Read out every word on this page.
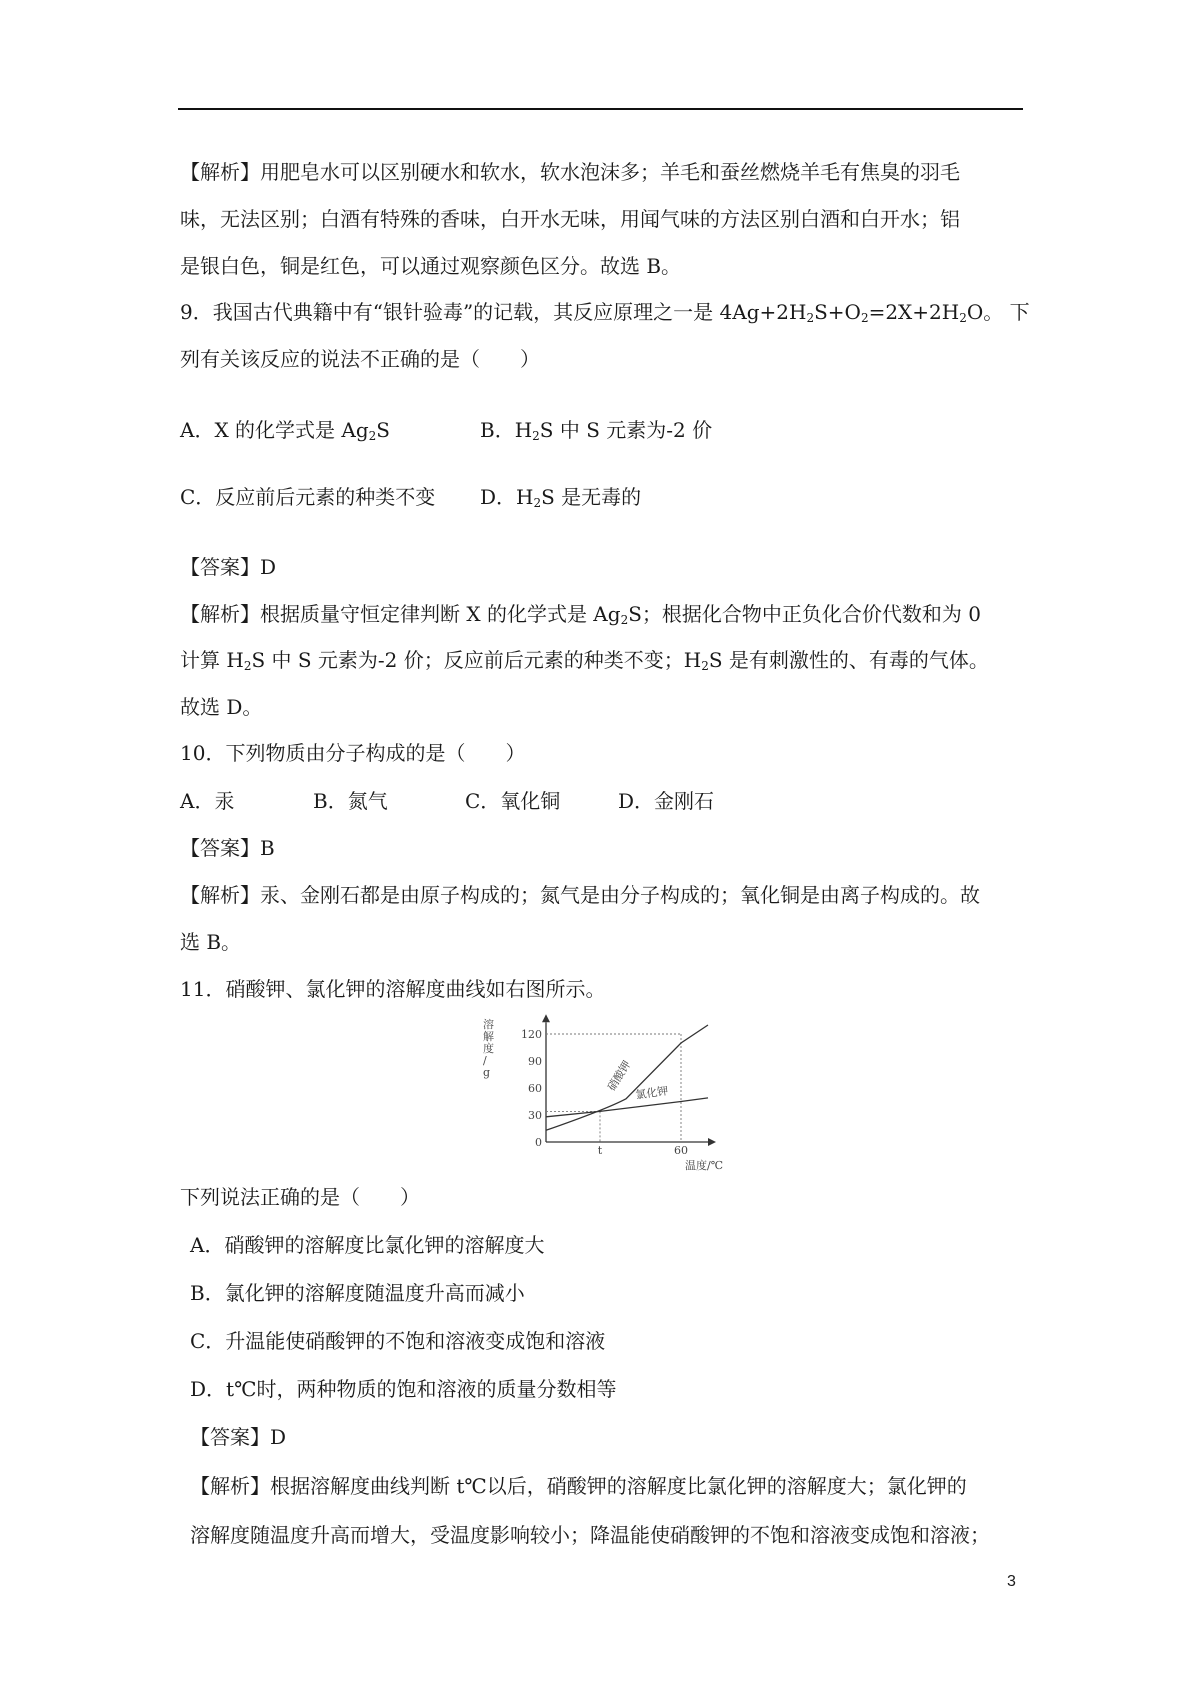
【解析】用肥皂水可以区别硬水和软水，软水泡沫多；羊毛和蚕丝燃烧羊毛有焦臭的羽毛
味，无法区别；白酒有特殊的香味，白开水无味，用闻气味的方法区别白酒和白开水；铝
是银白色，铜是红色，可以通过观察颜色区分。故选 B。
9．我国古代典籍中有“银针验毒”的记载，其反应原理之一是 $4Ag+2H_2S+O_2=2X+2H_2O$。 下
列有关该反应的说法不正确的是（　　）
A．X 的化学式是 $Ag_2S$	B．$H_2S$ 中 S 元素为-2 价
C．反应前后元素的种类不变 D．$H_2S$ 是无毒的
【答案】D
【解析】根据质量守恒定律判断 X 的化学式是 $Ag_2S$；根据化合物中正负化合价代数和为 0
计算 $H_2S$ 中 S 元素为-2 价；反应前后元素的种类不变；$H_2S$ 是有刺激性的、有毒的气体。
故选 D。
10．下列物质由分子构成的是（　　）
A．汞	B．氮气	C．氧化铜	D．金刚石
【答案】B
【解析】汞、金刚石都是由原子构成的；氮气是由分子构成的；氧化铜是由离子构成的。故
选 B。
11．硝酸钾、氯化钾的溶解度曲线如右图所示。
0
30
60
90
120
t	60
溶解度/ g
温度/℃
硝酸钾 氯化钾
下列说法正确的是（　　）
A．硝酸钾的溶解度比氯化钾的溶解度大
B．氯化钾的溶解度随温度升高而减小
C．升温能使硝酸钾的不饱和溶液变成饱和溶液
D．t℃时，两种物质的饱和溶液的质量分数相等
【答案】D
【解析】根据溶解度曲线判断 t℃以后，硝酸钾的溶解度比氯化钾的溶解度大；氯化钾的
溶解度随温度升高而增大，受温度影响较小；降温能使硝酸钾的不饱和溶液变成饱和溶液；
3
